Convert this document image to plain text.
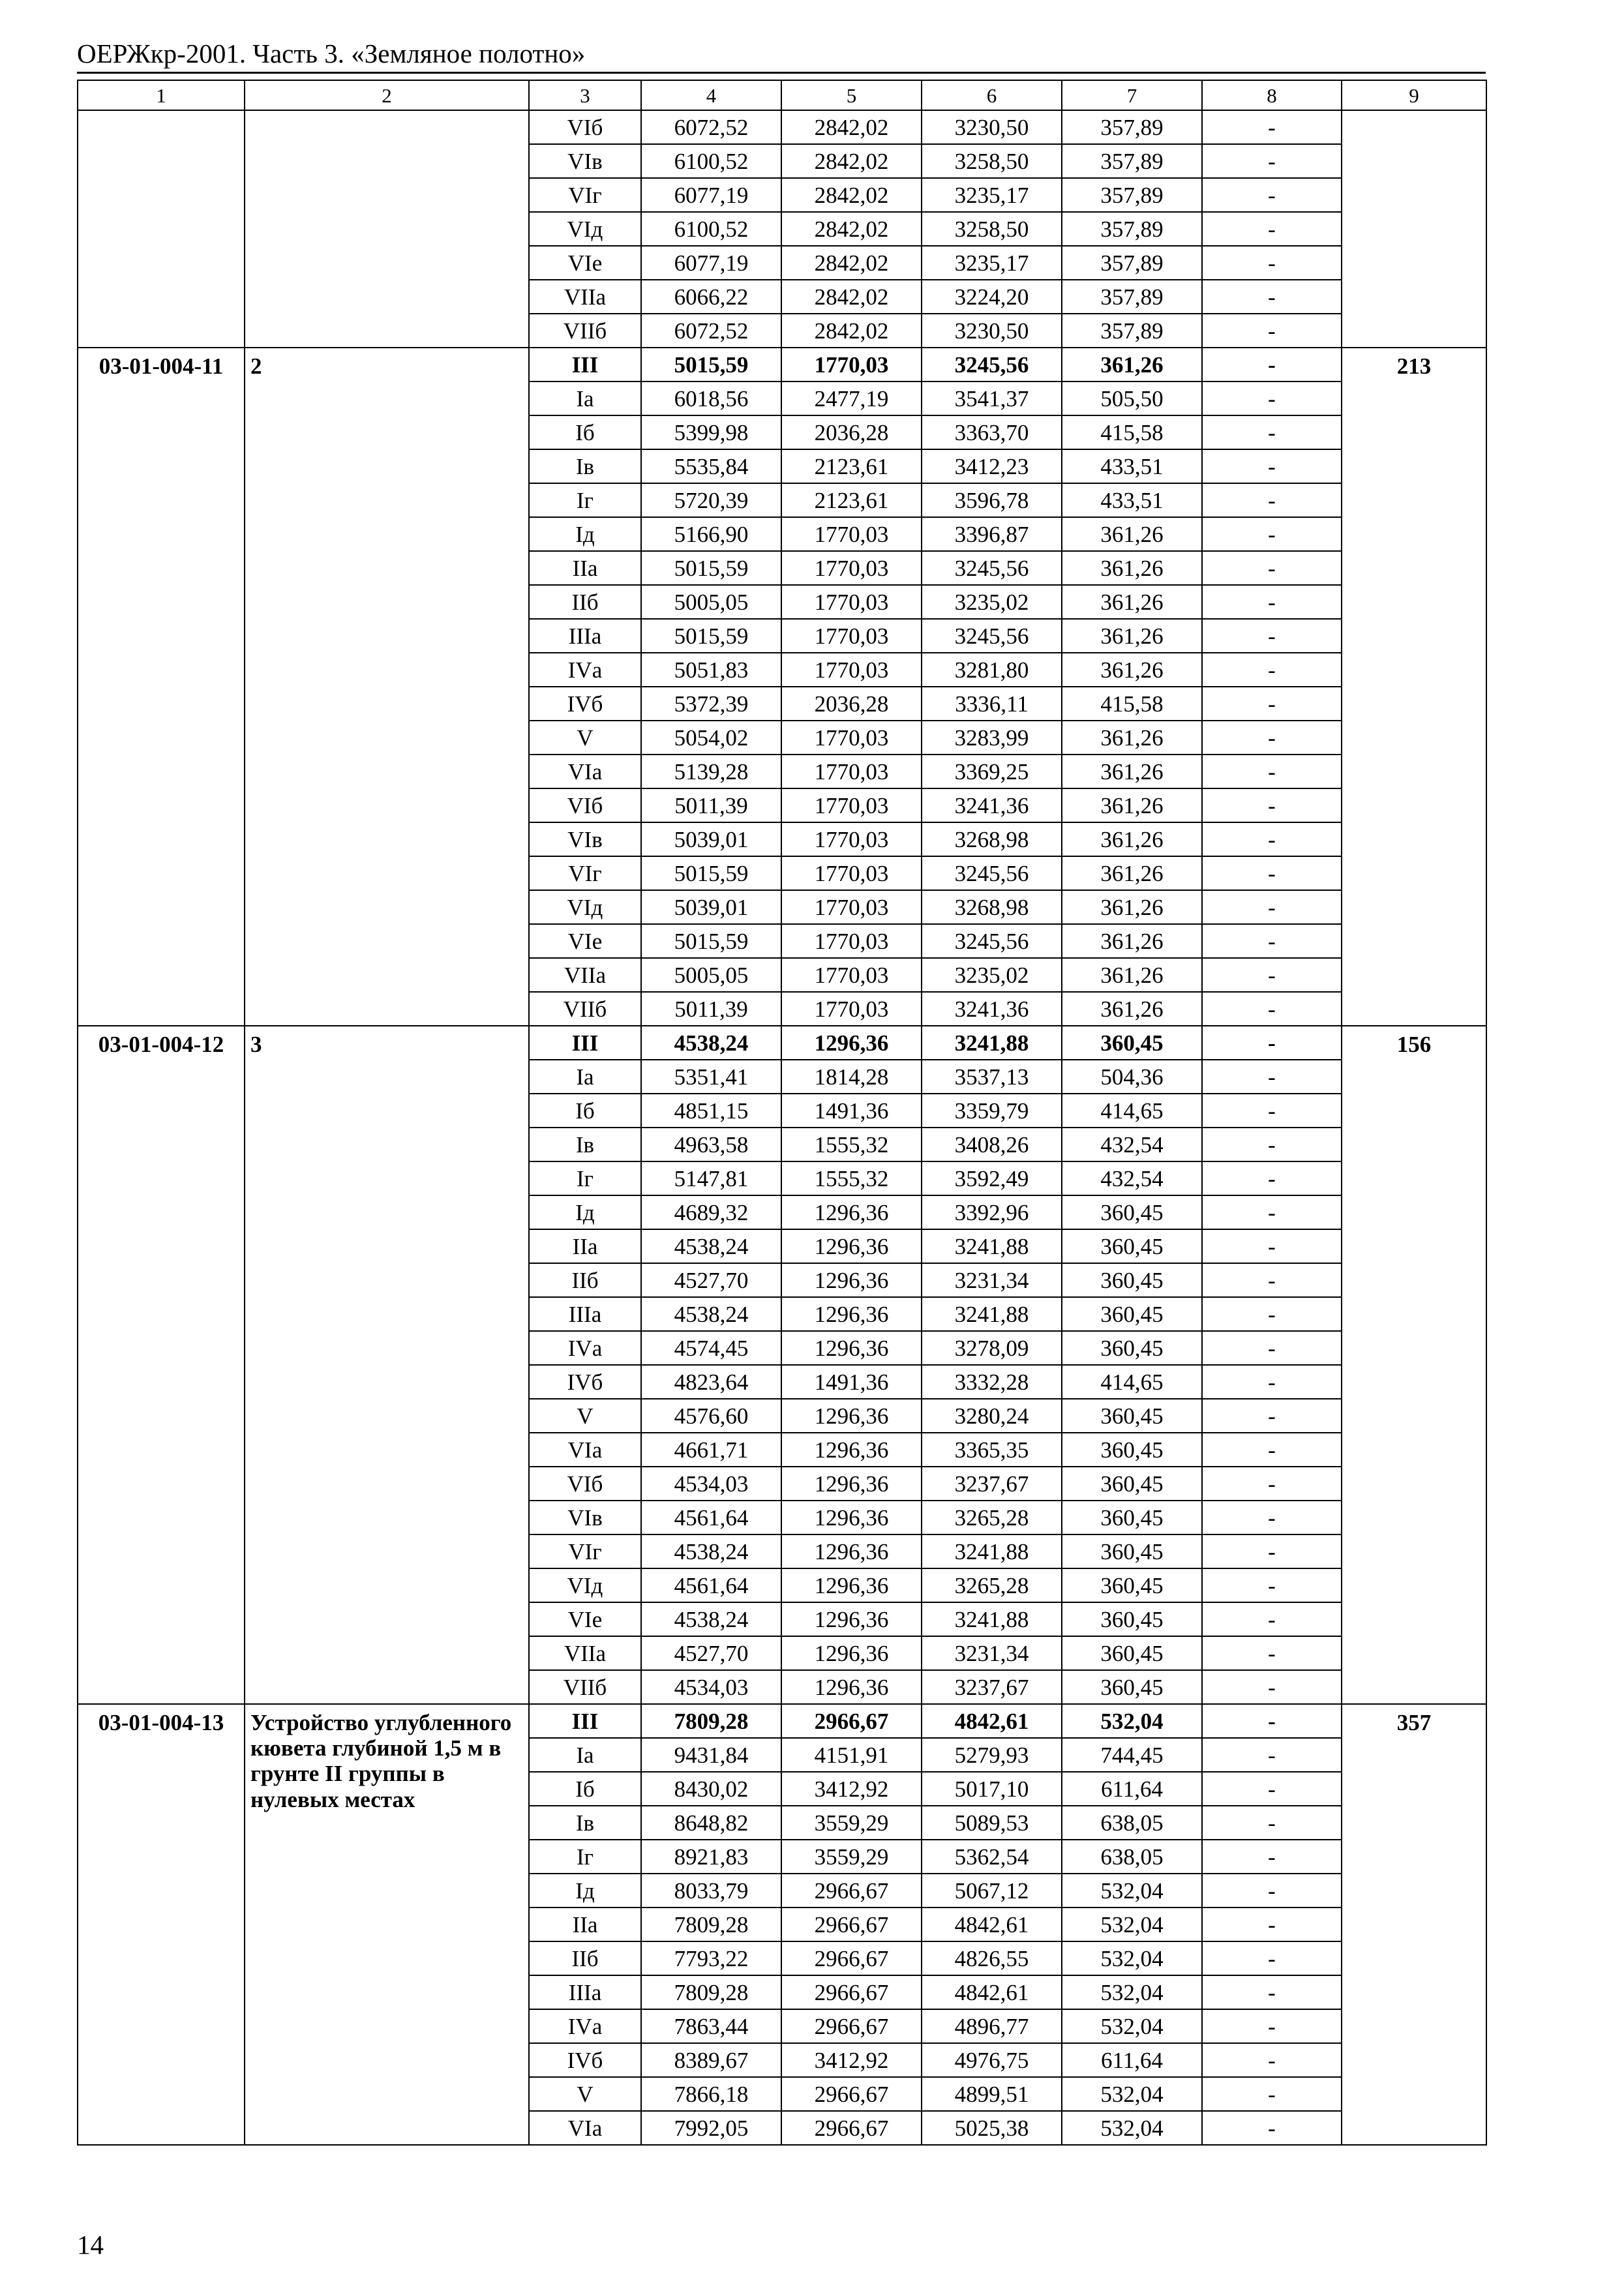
ОЕРЖкр-2001. Часть 3. «Земляное полотно»
1	2	3	4	5	6	7	8	9
		VIб	6072,52	2842,02	3230,50	357,89	-	
		VIв	6100,52	2842,02	3258,50	357,89	-	
		VIг	6077,19	2842,02	3235,17	357,89	-	
		VIд	6100,52	2842,02	3258,50	357,89	-	
		VIе	6077,19	2842,02	3235,17	357,89	-	
		VIIа	6066,22	2842,02	3224,20	357,89	-	
		VIIб	6072,52	2842,02	3230,50	357,89	-	
03-01-004-11	2	III	5015,59	1770,03	3245,56	361,26	-	213
		Iа	6018,56	2477,19	3541,37	505,50	-	
		Iб	5399,98	2036,28	3363,70	415,58	-	
		Iв	5535,84	2123,61	3412,23	433,51	-	
		Iг	5720,39	2123,61	3596,78	433,51	-	
		Iд	5166,90	1770,03	3396,87	361,26	-	
		IIа	5015,59	1770,03	3245,56	361,26	-	
		IIб	5005,05	1770,03	3235,02	361,26	-	
		IIIа	5015,59	1770,03	3245,56	361,26	-	
		IVа	5051,83	1770,03	3281,80	361,26	-	
		IVб	5372,39	2036,28	3336,11	415,58	-	
		V	5054,02	1770,03	3283,99	361,26	-	
		VIа	5139,28	1770,03	3369,25	361,26	-	
		VIб	5011,39	1770,03	3241,36	361,26	-	
		VIв	5039,01	1770,03	3268,98	361,26	-	
		VIг	5015,59	1770,03	3245,56	361,26	-	
		VIд	5039,01	1770,03	3268,98	361,26	-	
		VIе	5015,59	1770,03	3245,56	361,26	-	
		VIIа	5005,05	1770,03	3235,02	361,26	-	
		VIIб	5011,39	1770,03	3241,36	361,26	-	
03-01-004-12	3	III	4538,24	1296,36	3241,88	360,45	-	156
		Iа	5351,41	1814,28	3537,13	504,36	-	
		Iб	4851,15	1491,36	3359,79	414,65	-	
		Iв	4963,58	1555,32	3408,26	432,54	-	
		Iг	5147,81	1555,32	3592,49	432,54	-	
		Iд	4689,32	1296,36	3392,96	360,45	-	
		IIа	4538,24	1296,36	3241,88	360,45	-	
		IIб	4527,70	1296,36	3231,34	360,45	-	
		IIIа	4538,24	1296,36	3241,88	360,45	-	
		IVа	4574,45	1296,36	3278,09	360,45	-	
		IVб	4823,64	1491,36	3332,28	414,65	-	
		V	4576,60	1296,36	3280,24	360,45	-	
		VIа	4661,71	1296,36	3365,35	360,45	-	
		VIб	4534,03	1296,36	3237,67	360,45	-	
		VIв	4561,64	1296,36	3265,28	360,45	-	
		VIг	4538,24	1296,36	3241,88	360,45	-	
		VIд	4561,64	1296,36	3265,28	360,45	-	
		VIе	4538,24	1296,36	3241,88	360,45	-	
		VIIа	4527,70	1296,36	3231,34	360,45	-	
		VIIб	4534,03	1296,36	3237,67	360,45	-	
03-01-004-13	Устройство углубленного кювета глубиной 1,5 м в грунте II группы в нулевых местах	III	7809,28	2966,67	4842,61	532,04	-	357
		Iа	9431,84	4151,91	5279,93	744,45	-	
		Iб	8430,02	3412,92	5017,10	611,64	-	
		Iв	8648,82	3559,29	5089,53	638,05	-	
		Iг	8921,83	3559,29	5362,54	638,05	-	
		Iд	8033,79	2966,67	5067,12	532,04	-	
		IIа	7809,28	2966,67	4842,61	532,04	-	
		IIб	7793,22	2966,67	4826,55	532,04	-	
		IIIа	7809,28	2966,67	4842,61	532,04	-	
		IVа	7863,44	2966,67	4896,77	532,04	-	
		IVб	8389,67	3412,92	4976,75	611,64	-	
		V	7866,18	2966,67	4899,51	532,04	-	
		VIа	7992,05	2966,67	5025,38	532,04	-	
14
